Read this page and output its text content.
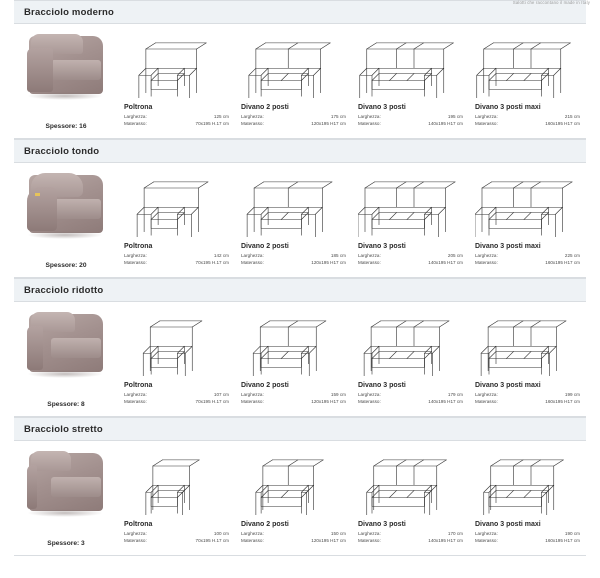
Salotti che raccontano il made in Italy
Bracciolo moderno
Spessore: 16
Poltrona
Larghezza:	125 cm
Materasso:	70x195 H.17 cm
Divano 2 posti
Larghezza:	175 cm
Materasso:	120x195 H17 cm
Divano 3 posti
Larghezza:	195 cm
Materasso:	140x195 H17 cm
Divano 3 posti maxi
Larghezza:	215 cm
Materasso:	160x195 H17 cm
Bracciolo tondo
Spessore: 20
Poltrona
Larghezza:	142 cm
Materasso:	70x195 H.17 cm
Divano 2 posti
Larghezza:	185 cm
Materasso:	120x195 H17 cm
Divano 3 posti
Larghezza:	205 cm
Materasso:	140x195 H17 cm
Divano 3 posti maxi
Larghezza:	225 cm
Materasso:	160x195 H17 cm
Bracciolo ridotto
Spessore: 8
Poltrona
Larghezza:	107 cm
Materasso:	70x195 H.17 cm
Divano 2 posti
Larghezza:	159 cm
Materasso:	120x195 H17 cm
Divano 3 posti
Larghezza:	179 cm
Materasso:	140x195 H17 cm
Divano 3 posti maxi
Larghezza:	199 cm
Materasso:	160x195 H17 cm
Bracciolo stretto
Spessore: 3
Poltrona
Larghezza:	100 cm
Materasso:	70x195 H.17 cm
Divano 2 posti
Larghezza:	150 cm
Materasso:	120x195 H17 cm
Divano 3 posti
Larghezza:	170 cm
Materasso:	140x195 H17 cm
Divano 3 posti maxi
Larghezza:	190 cm
Materasso:	160x195 H17 cm
